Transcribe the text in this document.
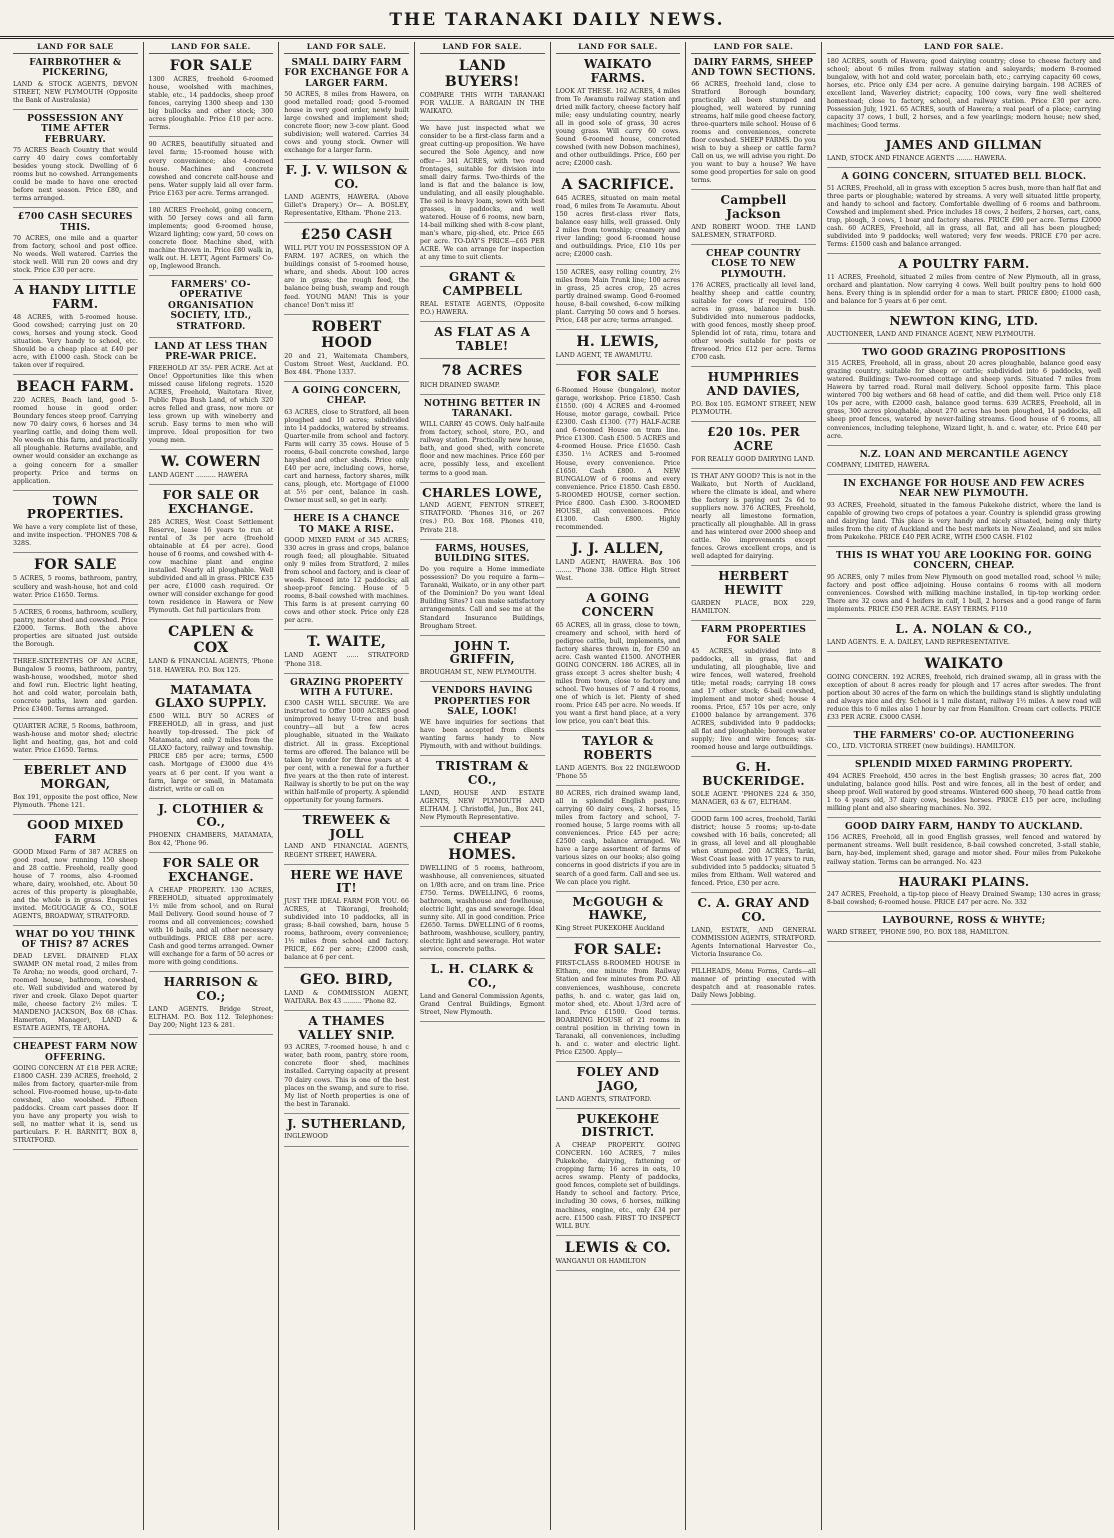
THE TARANAKI DAILY NEWS.
LAND FOR SALE
FAIRBROTHER & PICKERING,
LAND & STOCK AGENTS, DEVON STREET, NEW PLYMOUTH (Opposite the Bank of Australasia)
POSSESSION ANY TIME AFTER FEBRUARY.
75 ACRES Beach Country that would carry 40 dairy cows comfortably besides young stock. Dwelling of 6 rooms but no cowshed. Arrangements could be made to have one erected before next season. Price £80, and terms arranged.
£700 CASH SECURES THIS.
70 ACRES, one mile and a quarter from factory, school and post office. No weeds. Well watered. Carries the stock well. Will run 20 cows and dry stock. Price £30 per acre.
A HANDY LITTLE FARM.
48 ACRES, with 5-roomed house. Good cowshed; carrying just on 20 cows, horses and young stock. Good situation. Very handy to school, etc. Should be a cheap place at £40 per acre, with £1000 cash. Stock can be taken over if required.
BEACH FARM.
220 ACRES, Beach land, good 5-roomed house in good order. Boundary fences steep proof. Carrying now 70 dairy cows, 6 horses and 34 yearling cattle, and doing them well. No weeds on this farm, and practically all ploughable. Returns available, and owner would consider an exchange as a going concern for a smaller property. Price and terms on application.
TOWN PROPERTIES.
We have a very complete list of these, and invite inspection. 'PHONES 708 & 328S.
FOR SALE
5 ACRES, 5 rooms, bathroom, pantry, scullery and wash-house, hot and cold water. Price £1650. Terms.
5 ACRES, 6 rooms, bathroom, scullery, pantry, motor shed and cowshed. Price £2000. Terms. Both the above properties are situated just outside the Borough.
THREE-SIXTEENTHS OF AN ACRE, Bungalow 5 rooms, bathroom, pantry, wash-house, woodshed, motor shed and fowl run. Electric light heating, hot and cold water, porcelain bath, concrete paths, lawn and garden. Price £3400. Terms arranged.
QUARTER ACRE, 5 Rooms, bathroom, wash-house and motor shed; electric light and heating, gas, hot and cold water. Price £1650. Terms.
EBERLET AND MORGAN,
Box 191, opposite the post office, New Plymouth. 'Phone 121.
GOOD MIXED FARM
GOOD Mixed Farm of 387 ACRES on good road, now running 150 sheep and 28 cattle. Freehold, really good house of 7 rooms, also 4-roomed whare, dairy, woolshed, etc. About 50 acres of this property is ploughable, and the whole is in grass. Enquiries invited. McGUGGAGE & CO., SOLE AGENTS, BROADWAY, STRATFORD.
WHAT DO YOU THINK OF THIS? 87 ACRES
DEAD LEVEL DRAINED FLAX SWAMP. ON metal road, 2 miles from Te Aroha; no weeds, good orchard, 7-roomed house, bathroom, cowshed, etc. Well subdivided and watered by river and creek. Glaxo Depot quarter mile, cheese factory 2½ miles. T. MANDENO JACKSON, Box 68 (Chas. Hamerton, Manager), LAND & ESTATE AGENTS, TE AROHA.
CHEAPEST FARM NOW OFFERING.
GOING CONCERN AT £18 PER ACRE; £1800 CASH. 239 ACRES, freehold, 2 miles from factory, quarter-mile from school. Five-roomed house, up-to-date cowshed, also woolshed. Fifteen paddocks. Cream cart passes door. If you have any property you wish to sell, no matter what it is, send us particulars. F. H. BARNITT, BOX 8, STRATFORD.
LAND FOR SALE.
FOR SALE
1300 ACRES, freehold 6-roomed house, woolshed with machines, stable, etc., 14 paddocks, sheep proof fences, carrying 1300 sheep and 130 big bullocks and other stock; 300 acres ploughable. Price £10 per acre. Terms.
90 ACRES, beautifully situated and level farm; 15-roomed house with every convenience; also 4-roomed house. Machines and concrete cowshed and concrete calf-house and pens. Water supply laid all over farm. Price £163 per acre. Terms arranged.
180 ACRES Freehold, going concern, with 50 Jersey cows and all farm implements; good 6-roomed house, Wizard lighting; cow yard, 50 cows on concrete floor. Machine shed, with machine thrown in. Price £80 walk in, walk out. H. LETT, Agent Farmers' Co-op, Inglewood Branch.
FARMERS' CO-OPERATIVE ORGANISATION SOCIETY, LTD., STRATFORD.
LAND AT LESS THAN PRE-WAR PRICE.
FREEHOLD AT 35/- PER ACRE. Act at Once! Opportunities like this when missed cause lifelong regrets. 1520 ACRES, Freehold, Waitotara River, Public Papa Bush Land, of which 320 acres felled and grass, now more or less grown up with wineberry and scrub. Easy terms to men who will improve. Ideal proposition for two young men.
W. COWERN
LAND AGENT .......... HAWERA
FOR SALE OR EXCHANGE.
285 ACRES, West Coast Settlement Reserve, lease 16 years to run at rental of 3s per acre (freehold obtainable at £4 per acre). Good house of 6 rooms, and cowshed with 4-cow machine plant and engine installed. Nearly all ploughable. Well subdivided and all in grass. PRICE £35 per acre, £1000 cash required. Or owner will consider exchange for good town residence in Hawera or New Plymouth. Get full particulars from
CAPLEN & COX
LAND & FINANCIAL AGENTS, 'Phone 518. HAWERA. P.O. Box 125.
MATAMATA GLAXO SUPPLY.
£500 WILL BUY 50 ACRES of FREEHOLD, all in grass, and just heavily top-dressed. The pick of Matamata, and only 2 miles from the GLAXO factory, railway and township. PRICE £85 per acre; terms, £500 cash. Mortgage of £3000 due 4½ years at 6 per cent. If you want a farm, large or small, in Matamata district, write or call on
J. CLOTHIER & CO.,
PHOENIX CHAMBERS, MATAMATA, Box 42, 'Phone 96.
FOR SALE OR EXCHANGE.
A CHEAP PROPERTY. 130 ACRES, FREEHOLD, situated approximately 1½ mile from school, and on Rural Mail Delivery. Good sound house of 7 rooms and all conveniences; cowshed with 16 bails, and all other necessary outbuildings. PRICE £88 per acre. Cash and good terms arranged. Owner will exchange for a farm of 50 acres or more with going conditions.
HARRISON & CO.;
LAND AGENTS. Bridge Street, ELTHAM. P.O. Box 112. Telephones: Day 200; Night 123 & 281.
LAND FOR SALE.
SMALL DAIRY FARM FOR EXCHANGE FOR A LARGER FARM.
50 ACRES, 8 miles from Hawera, on good metalled road; good 5-roomed house in very good order, newly built large cowshed and implement shed; concrete floor; new 3-cow plant. Good subdivision; well watered. Carries 34 cows and young stock. Owner will exchange for a larger farm.
F. J. V. WILSON & CO.
LAND AGENTS, HAWERA. (Above Gillet's Drapery.) Or— A. BOSLEY, Representative, Eltham. 'Phone 213.
£250 CASH
WILL PUT YOU IN POSSESSION OF A FARM. 197 ACRES, on which the buildings consist of 5-roomed house, whare, and sheds. About 100 acres are in grass; the rough feed, the balance being bush, swamp and rough feed. YOUNG MAN! This is your chance! Don't miss it!
ROBERT HOOD
20 and 21, Waitemata Chambers, Custom Street West, Auckland. P.O. Box 484. 'Phone 1337.
A GOING CONCERN, CHEAP.
63 ACRES, close to Stratford, all been ploughed and 10 acres; subdivided into 14 paddocks, watered by streams. Quarter-mile from school and factory. Farm will carry 35 cows. House of 5 rooms, 6-bail concrete cowshed, large hayshed and other sheds. Price only £40 per acre, including cows, horse, cart and harness, factory shares, milk cans, plough, etc. Mortgage of £1000 at 5½ per cent, balance in cash. Owner must sell, so get in early.
HERE IS A CHANCE TO MAKE A RISE.
GOOD MIXED FARM of 345 ACRES; 330 acres in grass and crops, balance rough feed; all ploughable. Situated only 9 miles from Stratford, 2 miles from school and factory, and is clear of weeds. Fenced into 12 paddocks; all sheep-proof fencing. House of 5 rooms, 8-bail cowshed with machines. This farm is at present carrying 60 cows and other stock. Price only £28 per acre.
T. WAITE,
LAND AGENT ...... STRATFORD 'Phone 318.
GRAZING PROPERTY WITH A FUTURE.
£300 CASH WILL SECURE. We are instructed to Offer 1000 ACRES good unimproved heavy U-tree and bush country—all but a few acres ploughable, situated in the Waikato district. All in grass. Exceptional terms are offered. The balance will be taken by vendor for three years at 4 per cent, with a renewal for a further five years at the then rate of interest. Railway is shortly to be put on the way within half-mile of property. A splendid opportunity for young farmers.
TREWEEK & JOLL
LAND AND FINANCIAL AGENTS, REGENT STREET, HAWERA.
HERE WE HAVE IT!
JUST THE IDEAL FARM FOR YOU. 66 ACRES, at Tikorangi, freehold; subdivided into 10 paddocks, all in grass; 8-bail cowshed, barn, house 5 rooms, bathroom, every convenience; 1½ miles from school and factory. PRICE, £62 per acre; £2000 cash, balance at 6 per cent.
GEO. BIRD,
LAND & COMMISSION AGENT, WAITARA. Box 43 ......... 'Phone 82.
A THAMES VALLEY SNIP.
93 ACRES, 7-roomed house, h and c water, bath room, pantry, store room, concrete floor shed, machines installed. Carrying capacity at present 70 dairy cows. This is one of the best places on the swamp, and sure to rise. My list of North properties is one of the best in Taranaki.
J. SUTHERLAND,
INGLEWOOD
LAND FOR SALE.
LAND BUYERS!
COMPARE THIS WITH TARANAKI FOR VALUE. A BARGAIN IN THE WAIKATO.
We have just inspected what we consider to be a first-class farm and a great cutting-up proposition. We have secured the Sole Agency, and now offer— 341 ACRES, with two road frontages, suitable for division into small dairy farms. Two-thirds of the land is flat and the balance is low, undulating, and all easily ploughable. The soil is heavy loam, sown with best grasses, in paddocks, and well watered. House of 6 rooms, new barn, 14-bail milking shed with 8-cow plant, man's whare, pig-shed, etc. Price £65 per acre. TO-DAY'S PRICE—£65 PER ACRE. We can arrange for inspection at any time to suit clients.
GRANT & CAMPBELL
REAL ESTATE AGENTS, (Opposite P.O.) HAWERA.
AS FLAT AS A TABLE!
78 ACRES
RICH DRAINED SWAMP.
NOTHING BETTER IN TARANAKI.
WILL CARRY 45 COWS. Only half-mile from factory, school, store, P.O., and railway station. Practically new house, bath, and good shed, with concrete floor and new machines. Price £60 per acre, possibly less, and excellent terms to a good man.
CHARLES LOWE,
LAND AGENT, FENTON STREET, STRATFORD. 'Phones 316, or 267 (res.) P.O. Box 168. Phones 410, Private 218.
FARMS, HOUSES, BUILDING SITES.
Do you require a Home immediate possession? Do you require a farm—Taranaki, Waikato, or in any other part of the Dominion? Do you want Ideal Building Sites? I can make satisfactory arrangements. Call and see me at the Standard Insurance Buildings, Brougham Street.
JOHN T. GRIFFIN,
BROUGHAM ST., NEW PLYMOUTH.
VENDORS HAVING PROPERTIES FOR SALE, LOOK!
WE have inquiries for sections that have been accepted from clients wanting farms handy to New Plymouth, with and without buildings.
TRISTRAM & CO.,
LAND, HOUSE AND ESTATE AGENTS, NEW PLYMOUTH AND ELTHAM. J. Christoffel, Jun., Box 241, New Plymouth Representative.
CHEAP HOMES.
DWELLING of 5 rooms, bathroom, washhouse, all conveniences, situated on 1/8th acre, and on tram line. Price £750. Terms. DWELLING, 6 rooms, bathroom, washhouse and fowlhouse, electric light, gas and sewerage. Ideal sunny site. All in good condition. Price £2650. Terms. DWELLING of 6 rooms, bathroom, washhouse, scullery, pantry, electric light and sewerage. Hot water service, concrete paths.
L. H. CLARK & CO.,
Land and General Commission Agents, Grand Central Buildings, Egmont Street, New Plymouth.
LAND FOR SALE.
WAIKATO FARMS.
LOOK AT THESE. 162 ACRES, 4 miles from Te Awamutu railway station and dried milk factory, cheese factory half mile; easy undulating country, nearly all in good sole of grass, 30 acres young grass. Will carry 60 cows. Sound 6-roomed house, concreted cowshed (with new Dobson machines), and other outbuildings. Price, £60 per acre; £2000 cash.
A SACRIFICE.
645 ACRES, situated on main metal road, 6 miles from Te Awamutu. About 150 acres first-class river flats, balance easy hills, well grassed. Only 2 miles from township; creamery and river landing; good 6-roomed house and outbuildings. Price, £10 10s per acre; £2000 cash.
150 ACRES, easy rolling country, 2½ miles from Main Trunk line; 100 acres in grass, 25 acres crop, 25 acres partly drained swamp. Good 6-roomed house, 8-bail cowshed, 6-cow milking plant. Carrying 50 cows and 5 horses. Price, £48 per acre; terms arranged.
H. LEWIS,
LAND AGENT, TE AWAMUTU.
FOR SALE
6-Roomed House (bungalow), motor garage, workshop. Price £1850. Cash £1550. (60) 4 ACRES and 4-roomed House, motor garage, cowbail. Price £2300. Cash £1300. (77) HALF-ACRE and 6-roomed House on tram line. Price £1300. Cash £500. 5 ACRES and 4-roomed House. Price £1650. Cash £350. 1½ ACRES and 5-roomed House, every convenience. Price £1650. Cash £800. A NEW BUNGALOW of 6 rooms and every convenience. Price £1850. Cash £850. 5-ROOMED HOUSE, corner section. Price £800. Cash £300. 3-ROOMED HOUSE, all conveniences. Price £1300. Cash £800. Highly recommended.
J. J. ALLEN,
LAND AGENT, HAWERA. Box 106 ........ 'Phone 338. Office High Street West.
A GOING CONCERN
65 ACRES, all in grass, close to town, creamery and school, with herd of pedigree cattle, bull, implements, and factory shares thrown in, for £50 an acre. Cash wanted £1500. ANOTHER GOING CONCERN. 186 ACRES, all in grass except 3 acres shelter bush; 4 miles from town, close to factory and school. Two houses of 7 and 4 rooms, one of which is let. Plenty of shed room. Price £45 per acre. No weeds. If you want a first hand place, at a very low price, you can't beat this.
TAYLOR & ROBERTS
LAND AGENTS. Box 22 INGLEWOOD 'Phone 55
80 ACRES, rich drained swamp land, all in splendid English pasture; carrying 60 dairy cows, 2 horses, 15 miles from factory and school, 7-roomed house, 5 large rooms with all conveniences. Price £45 per acre; £2500 cash, balance arranged. We have a large assortment of farms of various sizes on our books; also going concerns in good districts if you are in search of a good farm. Call and see us. We can place you right.
McGOUGH & HAWKE,
King Street PUKEKOHE Auckland
FOR SALE:
FIRST-CLASS 8-ROOMED HOUSE in Eltham, one minute from Railway Station and few minutes from P.O. All conveniences, washhouse, concrete paths, h. and c. water, gas laid on, motor shed, etc. About 1/3rd acre of land. Price £1500. Good terms. BOARDING HOUSE of 21 rooms in central position in thriving town in Taranaki, all conveniences, including h. and c. water and electric light. Price £2500. Apply—
FOLEY AND JAGO,
LAND AGENTS, STRATFORD.
PUKEKOHE DISTRICT.
A CHEAP PROPERTY. GOING CONCERN. 160 ACRES, 7 miles Pukekohe, dairying, fattening or cropping farm; 16 acres in oats, 10 acres swamp. Plenty of paddocks, good fences, complete set of buildings. Handy to school and factory. Price, including 30 cows, 6 horses, milking machines, engine, etc., only £34 per acre. £1500 cash. FIRST TO INSPECT WILL BUY.
LEWIS & CO.
WANGANUI OR HAMILTON
LAND FOR SALE.
DAIRY FARMS, SHEEP AND TOWN SECTIONS.
66 ACRES, freehold land, close to Stratford Borough boundary, practically all been stumped and ploughed, well watered by running streams, half mile good cheese factory, three-quarters mile school. House of 6 rooms and conveniences, concrete floor cowshed. SHEEP FARMS. Do you wish to buy a sheep or cattle farm? Call on us, we will advise you right. Do you want to buy a house? We have some good properties for sale on good terms.
Campbell Jackson
AND ROBERT WOOD. THE LAND SALESMEN, STRATFORD.
CHEAP COUNTRY CLOSE TO NEW PLYMOUTH.
176 ACRES, practically all level land, healthy sheep and cattle country, suitable for cows if required. 150 acres in grass, balance in bush. Subdivided into numerous paddocks, with good fences, mostly sheep proof. Splendid lot of rata, rimu, totara and other woods suitable for posts or firewood. Price £12 per acre. Terms £700 cash.
HUMPHRIES AND DAVIES,
P.O. Box 105. EGMONT STREET, NEW PLYMOUTH.
£20 10s. PER ACRE
FOR REALLY GOOD DAIRYING LAND.
IS THAT ANY GOOD? This is not in the Waikato, but North of Auckland, where the climate is ideal, and where the factory is paying out 2s 6d to suppliers now. 376 ACRES, Freehold, nearly all limestone formation, practically all ploughable. All in grass and has wintered over 2000 sheep and cattle. No improvements except fences. Grows excellent crops, and is well adapted for dairying.
HERBERT HEWITT
GARDEN PLACE, BOX 229, HAMILTON.
FARM PROPERTIES FOR SALE
45 ACRES, subdivided into 8 paddocks, all in grass, flat and undulating, all ploughable, live and wire fences, well watered, freehold title; metal roads; carrying 18 cows and 17 other stock; 6-bail cowshed, implement and motor shed; house 4 rooms. Price, £57 10s per acre, only £1000 balance by arrangement. 376 ACRES, subdivided into 9 paddocks; all flat and ploughable; borough water supply; live and wire fences; six-roomed house and large outbuildings.
G. H. BUCKERIDGE.
SOLE AGENT. 'PHONES 224 & 350, MANAGER, 63 & 67, ELTHAM.
GOOD farm 100 acres, freehold, Tariki district; house 5 rooms; up-to-date cowshed with 16 bails, concreted; all in grass, all level and all ploughable when stumped. 200 ACRES, Tariki, West Coast lease with 17 years to run, subdivided into 5 paddocks; situated 5 miles from Eltham. Well watered and fenced. Price, £30 per acre.
C. A. GRAY AND CO.
LAND, ESTATE, AND GENERAL COMMISSION AGENTS, STRATFORD. Agents International Harvester Co., Victoria Insurance Co.
PILLHEADS, Menu Forms, Cards—all manner of printing executed with despatch and at reasonable rates. Daily News Jobbing.
LAND FOR SALE.
180 ACRES, south of Hawera; good dairying country; close to cheese factory and school; about 6 miles from railway station and saleyards; modern 8-roomed bungalow, with hot and cold water, porcelain bath, etc.; carrying capacity 60 cows, horses, etc. Price only £34 per acre. A genuine dairying bargain. 198 ACRES of excellent land, Waverley district; capacity, 100 cows, very fine well sheltered homestead; close to factory, school, and railway station. Price £30 per acre. Possession July, 1921. 65 ACRES, south of Hawera; a real pearl of a place; carrying capacity 37 cows, 1 bull, 2 horses, and a few yearlings; modern house; new shed, machines; Good terms.
JAMES AND GILLMAN
LAND, STOCK AND FINANCE AGENTS ........ HAWERA.
A GOING CONCERN, SITUATED BELL BLOCK.
51 ACRES, Freehold, all in grass with exception 5 acres bush, more than half flat and three parts or ploughable; watered by streams. A very well situated little property, and handy to school and factory. Comfortable dwelling of 6 rooms and bathroom. Cowshed and implement shed. Price includes 18 cows, 2 heifers, 2 horses, cart, cans, trap, plough, 3 cows, 1 boar and factory shares. PRICE £90 per acre. Terms £2000 cash. 60 ACRES, Freehold, all in grass, all flat, and all has been ploughed; subdivided into 9 paddocks; well watered; very few weeds. PRICE £70 per acre. Terms: £1500 cash and balance arranged.
A POULTRY FARM.
11 ACRES, Freehold, situated 2 miles from centre of New Plymouth, all in grass, orchard and plantation. Now carrying 4 cows. Well built poultry pens to hold 600 hens. Every thing is in splendid order for a man to start. PRICE £800; £1000 cash, and balance for 5 years at 6 per cent.
NEWTON KING, LTD.
AUCTIONEER, LAND AND FINANCE AGENT, NEW PLYMOUTH.
TWO GOOD GRAZING PROPOSITIONS
315 ACRES, Freehold, all in grass, about 20 acres ploughable, balance good easy grazing country, suitable for sheep or cattle; subdivided into 6 paddocks, well watered. Buildings: Two-roomed cottage and sheep yards. Situated 7 miles from Hawera by tarred road. Rural mail delivery. School opposite farm. This place wintered 700 big wethers and 68 head of cattle, and did them well. Price only £18 10s per acre, with £2000 cash, balance good terms. 639 ACRES, Freehold, all in grass, 300 acres ploughable, about 270 acres has been ploughed, 14 paddocks, all sheep proof fences, watered by never-failing streams. Good house of 6 rooms, all conveniences, including telephone, Wizard light, h. and c. water, etc. Price £40 per acre.
N.Z. LOAN AND MERCANTILE AGENCY
COMPANY, LIMITED, HAWERA.
IN EXCHANGE FOR HOUSE AND FEW ACRES NEAR NEW PLYMOUTH.
93 ACRES, Freehold, situated in the famous Pukekohe district, where the land is capable of growing two crops of potatoes a year. Country is splendid grass growing and dairying land. This place is very handy and nicely situated, being only thirty miles from the city of Auckland and the best markets in New Zealand, and six miles from Pukekohe. PRICE £40 PER ACRE, WITH £500 CASH. F102
THIS IS WHAT YOU ARE LOOKING FOR. GOING CONCERN, CHEAP.
95 ACRES, only 7 miles from New Plymouth on good metalled road, school ½ mile; factory and post office adjoining. House contains 6 rooms with all modern conveniences. Cowshed with milking machine installed, in tip-top working order. There are 32 cows and 4 heifers in calf, 1 bull, 2 horses and a good range of farm implements. PRICE £50 PER ACRE. EASY TERMS. F110
L. A. NOLAN & CO.,
LAND AGENTS. E. A. DAILEY, LAND REPRESENTATIVE.
WAIKATO
GOING CONCERN. 192 ACRES, freehold, rich drained swamp, all in grass with the exception of about 8 acres ready for plough and 17 acres after swedes. The front portion about 30 acres of the farm on which the buildings stand is slightly undulating and always nice and dry. School is 1 mile distant, railway 1½ miles. A new road will reduce this to 6 miles also 1 hour by car from Hamilton. Cream cart collects. PRICE £33 PER ACRE. £3000 CASH.
THE FARMERS' CO-OP. AUCTIONEERING
CO., LTD. VICTORIA STREET (new buildings). HAMILTON.
SPLENDID MIXED FARMING PROPERTY.
494 ACRES Freehold, 450 acres in the best English grasses; 30 acres flat, 200 undulating, balance good hills. Post and wire fences, all in the best of order, and sheep proof. Well watered by good streams. Wintered 600 sheep, 70 head cattle from 1 to 4 years old, 37 dairy cows, besides horses. PRICE £15 per acre, including milking plant and also shearing machines. No. 392.
GOOD DAIRY FARM, HANDY TO AUCKLAND.
156 ACRES, Freehold, all in good English grasses, well fenced and watered by permanent streams. Well built residence, 8-bail cowshed concreted, 3-stall stable, barn, hay-bed, implement shed, garage and motor shed. Four miles from Pukekohe railway station. Terms can be arranged. No. 423
HAURAKI PLAINS.
247 ACRES, Freehold, a tip-top piece of Heavy Drained Swamp; 130 acres in grass; 8-bail cowshed; 6-roomed house. PRICE £47 per acre. No. 332
LAYBOURNE, ROSS & WHYTE;
WARD STREET, 'PHONE 590, P.O. BOX 188, HAMILTON.
